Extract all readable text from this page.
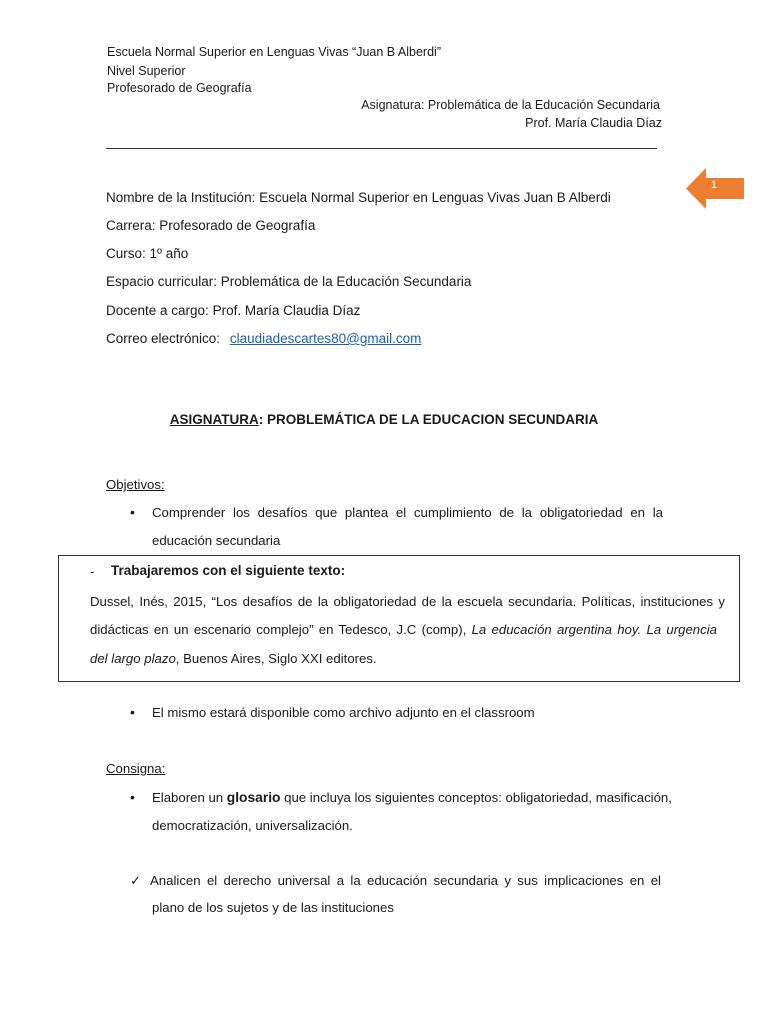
Escuela Normal Superior en Lenguas Vivas “Juan B Alberdi”
Nivel Superior
Profesorado de Geografía
Asignatura: Problemática de la Educación Secundaria
Prof. María Claudia Díaz
1
Nombre de la Institución: Escuela Normal Superior en Lenguas Vivas Juan B Alberdi
Carrera: Profesorado de Geografía
Curso: 1º año
Espacio curricular: Problemática de la Educación Secundaria
Docente a cargo: Prof. María Claudia Díaz
Correo electrónico: claudiadescartes80@gmail.com
ASIGNATURA: PROBLEMÁTICA DE LA EDUCACION SECUNDARIA
Objetivos:
• Comprender los desafíos que plantea el cumplimiento de la obligatoriedad en la
educación secundaria
- Trabajaremos con el siguiente texto:
Dussel, Inés, 2015, “Los desafíos de la obligatoriedad de la escuela secundaria. Políticas, instituciones y
didácticas en un escenario complejo” en Tedesco, J.C (comp), La educación argentina hoy. La urgencia
del largo plazo, Buenos Aires, Siglo XXI editores.
• El mismo estará disponible como archivo adjunto en el classroom
Consigna:
• Elaboren un glosario que incluya los siguientes conceptos: obligatoriedad, masificación,
democratización, universalización.
✓ Analicen el derecho universal a la educación secundaria y sus implicaciones en el
plano de los sujetos y de las instituciones
